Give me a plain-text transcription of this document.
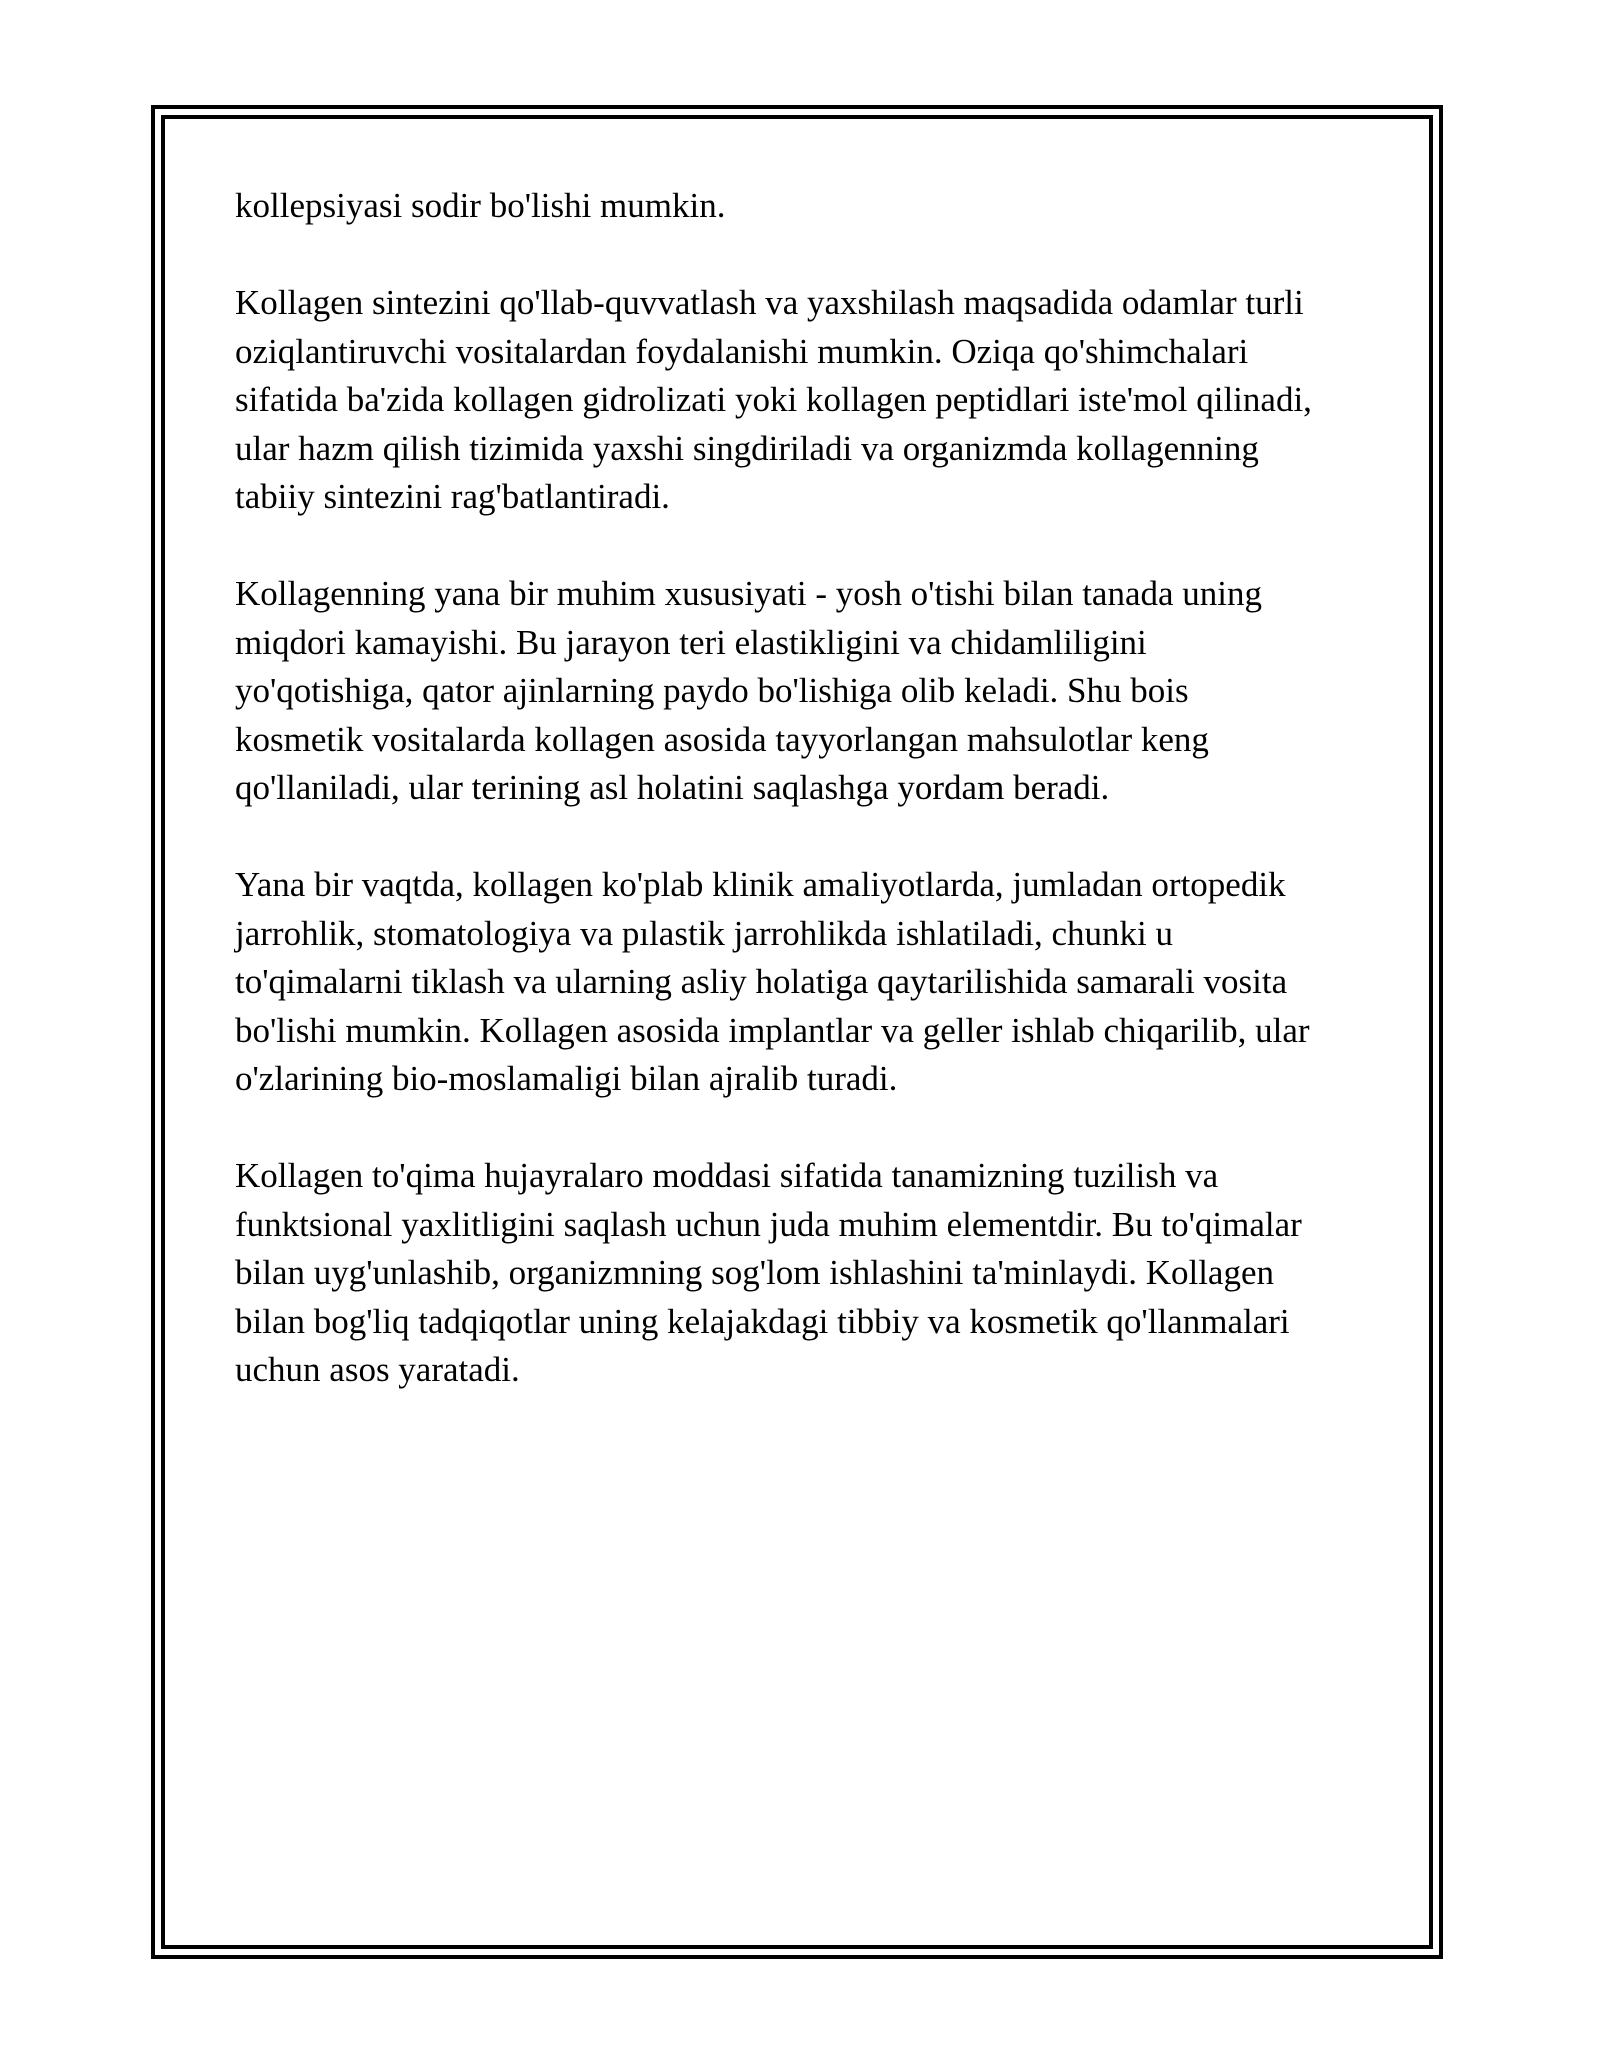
kollepsiyasi sodir bo'lishi mumkin.

Kollagen sintezini qo'llab-quvvatlash va yaxshilash maqsadida odamlar turli
oziqlantiruvchi vositalardan foydalanishi mumkin. Oziqa qo'shimchalari
sifatida ba'zida kollagen gidrolizati yoki kollagen peptidlari iste'mol qilinadi,
ular hazm qilish tizimida yaxshi singdiriladi va organizmda kollagenning
tabiiy sintezini rag'batlantiradi.

Kollagenning yana bir muhim xususiyati - yosh o'tishi bilan tanada uning
miqdori kamayishi. Bu jarayon teri elastikligini va chidamliligini
yo'qotishiga, qator ajinlarning paydo bo'lishiga olib keladi. Shu bois
kosmetik vositalarda kollagen asosida tayyorlangan mahsulotlar keng
qo'llaniladi, ular terining asl holatini saqlashga yordam beradi.

Yana bir vaqtda, kollagen ko'plab klinik amaliyotlarda, jumladan ortopedik
jarrohlik, stomatologiya va pılastik jarrohlikda ishlatiladi, chunki u
to'qimalarni tiklash va ularning asliy holatiga qaytarilishida samarali vosita
bo'lishi mumkin. Kollagen asosida implantlar va geller ishlab chiqarilib, ular
o'zlarining bio-moslamaligi bilan ajralib turadi.

Kollagen to'qima hujayralaro moddasi sifatida tanamizning tuzilish va
funktsional yaxlitligini saqlash uchun juda muhim elementdir. Bu to'qimalar
bilan uyg'unlashib, organizmning sog'lom ishlashini ta'minlaydi. Kollagen
bilan bog'liq tadqiqotlar uning kelajakdagi tibbiy va kosmetik qo'llanmalari
uchun asos yaratadi.
